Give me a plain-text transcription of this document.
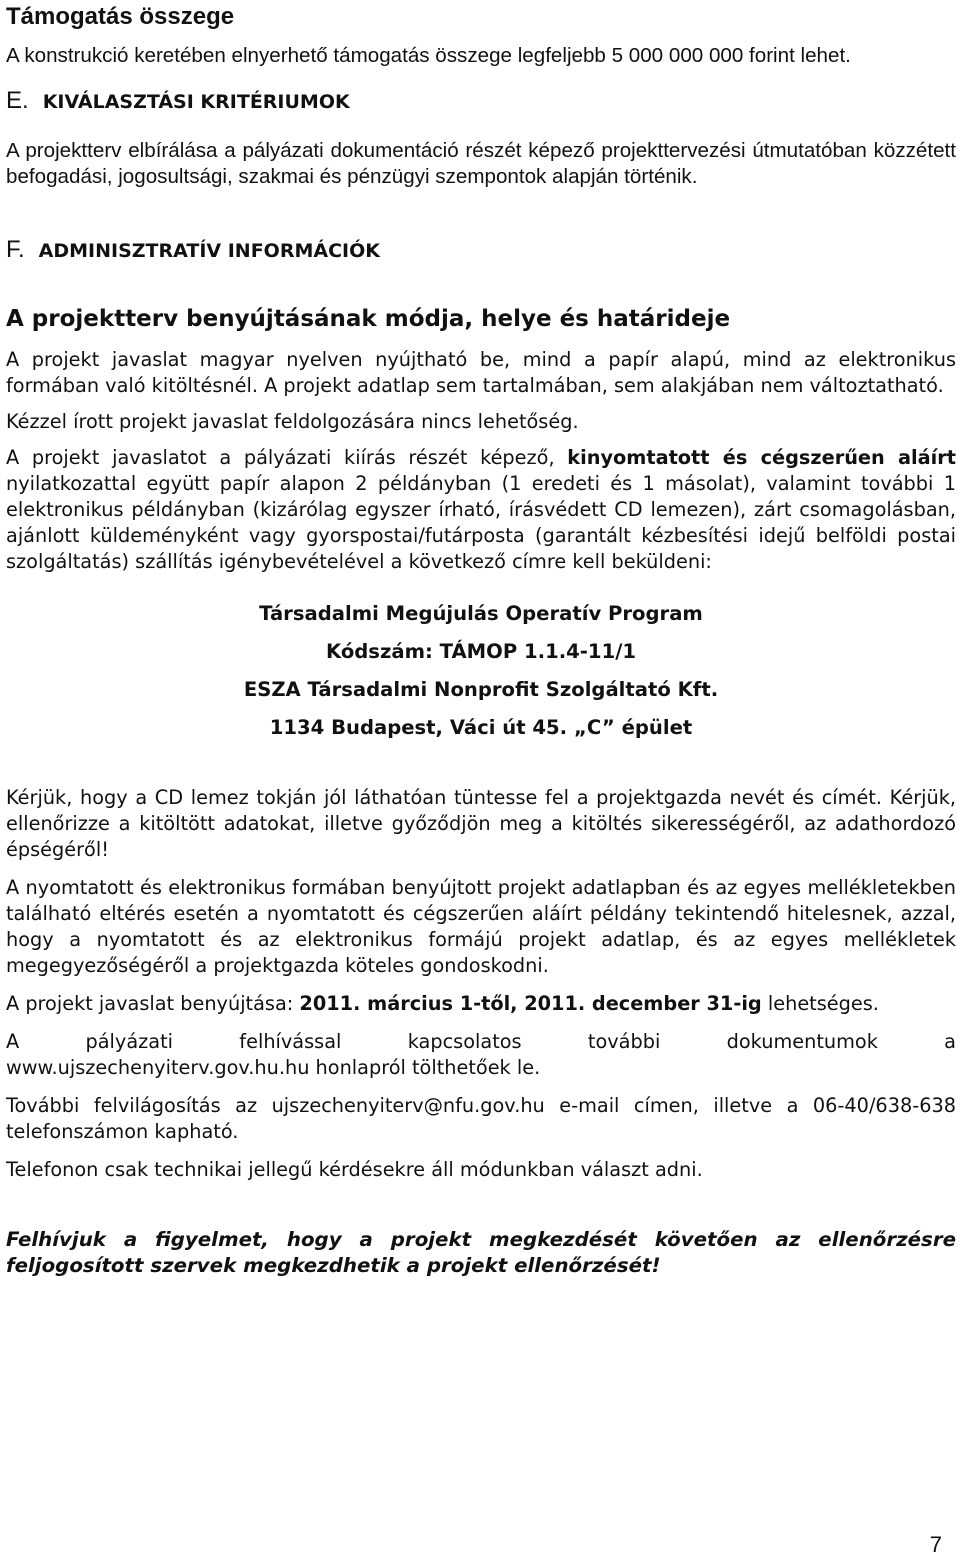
Támogatás összege

A konstrukció keretében elnyerhető támogatás összege legfeljebb 5 000 000 000 forint lehet.

E. KIVÁLASZTÁSI KRITÉRIUMOK

A projektterv elbírálása a pályázati dokumentáció részét képező projekttervezési útmutatóban közzétett befogadási, jogosultsági, szakmai és pénzügyi szempontok alapján történik.

F. ADMINISZTRATÍV INFORMÁCIÓK
A projektterv benyújtásának módja, helye és határideje

A projekt javaslat magyar nyelven nyújtható be, mind a papír alapú, mind az elektronikus formában való kitöltésnél. A projekt adatlap sem tartalmában, sem alakjában nem változtatható.

Kézzel írott projekt javaslat feldolgozására nincs lehetőség.

A projekt javaslatot a pályázati kiírás részét képező, kinyomtatott és cégszerűen aláírt nyilatkozattal együtt papír alapon 2 példányban (1 eredeti és 1 másolat), valamint további 1 elektronikus példányban (kizárólag egyszer írható, írásvédett CD lemezen), zárt csomagolásban, ajánlott küldeményként vagy gyorspostai/futárposta (garantált kézbesítési idejű belföldi postai szolgáltatás) szállítás igénybevételével a következő címre kell beküldeni:

Társadalmi Megújulás Operatív Program
Kódszám: TÁMOP 1.1.4-11/1
ESZA Társadalmi Nonprofit Szolgáltató Kft.
1134 Budapest, Váci út 45. „C” épület

Kérjük, hogy a CD lemez tokján jól láthatóan tüntesse fel a projektgazda nevét és címét. Kérjük, ellenőrizze a kitöltött adatokat, illetve győződjön meg a kitöltés sikerességéről, az adathordozó épségéről!

A nyomtatott és elektronikus formában benyújtott projekt adatlapban és az egyes mellékletekben található eltérés esetén a nyomtatott és cégszerűen aláírt példány tekintendő hitelesnek, azzal, hogy a nyomtatott és az elektronikus formájú projekt adatlap, és az egyes mellékletek megegyezőségéről a projektgazda köteles gondoskodni.

A projekt javaslat benyújtása: 2011. március 1-től, 2011. december 31-ig lehetséges.

A pályázati felhívással kapcsolatos további dokumentumok a
www.ujszechenyiterv.gov.hu.hu honlapról tölthetőek le.

További felvilágosítás az ujszechenyiterv@nfu.gov.hu e-mail címen, illetve a 06-40/638-638 telefonszámon kapható.

Telefonon csak technikai jellegű kérdésekre áll módunkban választ adni.

Felhívjuk a figyelmet, hogy a projekt megkezdését követően az ellenőrzésre feljogosított szervek megkezdhetik a projekt ellenőrzését!

7
